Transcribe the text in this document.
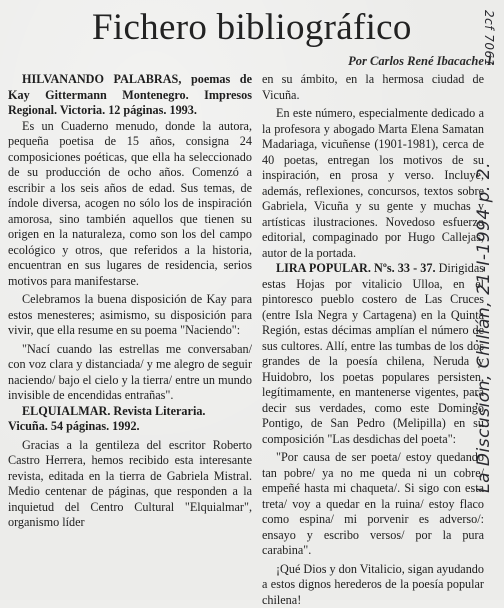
Fichero bibliográfico
Por Carlos René Ibacache I.

HILVANANDO PALABRAS, poemas de Kay Gittermann Montenegro. Impresos Regional. Victoria. 12 páginas. 1993.

Es un Cuaderno menudo, donde la autora, pequeña poetisa de 15 años, consigna 24 composiciones poéticas, que ella ha seleccionado de su producción de ocho años. Comenzó a escribir a los seis años de edad. Sus temas, de índole diversa, acogen no sólo los de inspiración amorosa, sino también aquellos que tienen su origen en la naturaleza, como son los del campo ecológico y otros, que referidos a la historia, encuentran en sus lugares de residencia, serios motivos para manifestarse.

Celebramos la buena disposición de Kay para estos menesteres; asimismo, su disposición para vivir, que ella resume en su poema "Naciendo":

"Nací cuando las estrellas me conversaban/ con voz clara y distanciada/ y me alegro de seguir naciendo/ bajo el cielo y la tierra/ entre un mundo invisible de encendidas entrañas".

ELQUIALMAR. Revista Literaria.
Vicuña. 54 páginas. 1992.

Gracias a la gentileza del escritor Roberto Castro Herrera, hemos recibido esta interesante revista, editada en la tierra de Gabriela Mistral. Medio centenar de páginas, que responden a la inquietud del Centro Cultural "Elquialmar", organismo líder

en su ámbito, en la hermosa ciudad de Vicuña.

En este número, especialmente dedicado a la profesora y abogado Marta Elena Samatan Madariaga, vicuñense (1901-1981), cerca de 40 poetas, entregan los motivos de su inspiración, en prosa y verso. Incluye, además, reflexiones, concursos, textos sobre Gabriela, Vicuña y su gente y muchas y artísticas ilustraciones. Novedoso esfuerzo editorial, compaginado por Hugo Callejas, autor de la portada.

LIRA POPULAR. Nºs. 33 - 37. Dirigidas estas Hojas por vitalicio Ulloa, en el pintoresco pueblo costero de Las Cruces (entre Isla Negra y Cartagena) en la Quinta Región, estas décimas amplían el número de sus cultores. Allí, entre las tumbas de los dos grandes de la poesía chilena, Neruda y Huidobro, los poetas populares persisten, legítimamente, en mantenerse vigentes, para decir sus verdades, como este Domingo Pontigo, de San Pedro (Melipilla) en su composición "Las desdichas del poeta":

"Por causa de ser poeta/ estoy quedando tan pobre/ ya no me queda ni un cobre/ empeñé hasta mi chaqueta/. Si sigo con esta treta/ voy a quedar en la ruina/ estoy flaco como espina/ mi porvenir es adverso/: ensayo y escribo versos/ por la pura carabina".

¡Qué Dios y don Vitalicio, sigan ayudando a estos dignos herederos de la poesía popular chilena!

La Discusión, Chillán, 21-I-1994 p. 2.
2cf 7061
